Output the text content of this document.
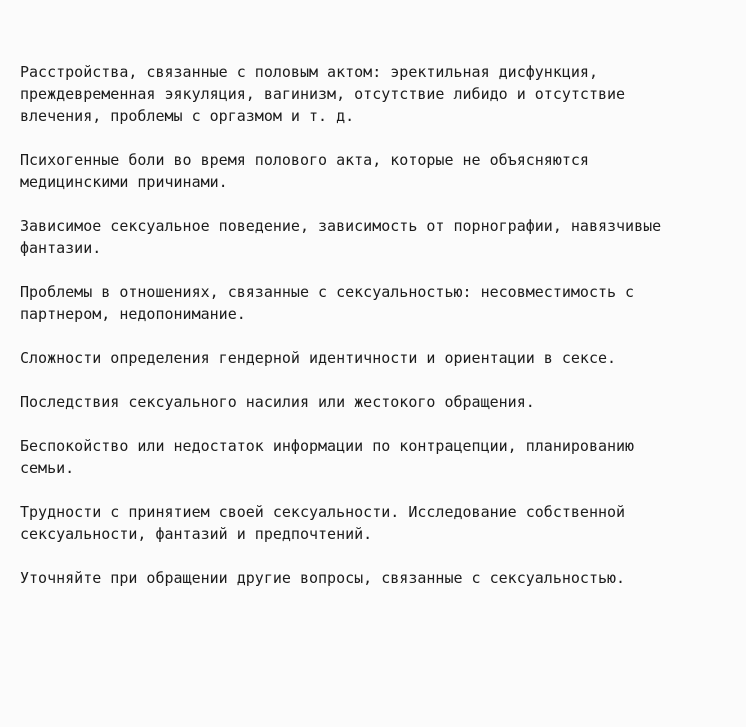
Расстройства, связанные с половым актом: эректильная дисфункция,
преждевременная эякуляция, вагинизм, отсутствие либидо и отсутствие
влечения, проблемы с оргазмом и т. д.

Психогенные боли во время полового акта, которые не объясняются
медицинскими причинами.

Зависимое сексуальное поведение, зависимость от порнографии, навязчивые
фантазии.

Проблемы в отношениях, связанные с сексуальностью: несовместимость с
партнером, недопонимание.

Сложности определения гендерной идентичности и ориентации в сексе.

Последствия сексуального насилия или жестокого обращения.

Беспокойство или недостаток информации по контрацепции, планированию
семьи.

Трудности с принятием своей сексуальности. Исследование собственной
сексуальности, фантазий и предпочтений.

Уточняйте при обращении другие вопросы, связанные с сексуальностью.
